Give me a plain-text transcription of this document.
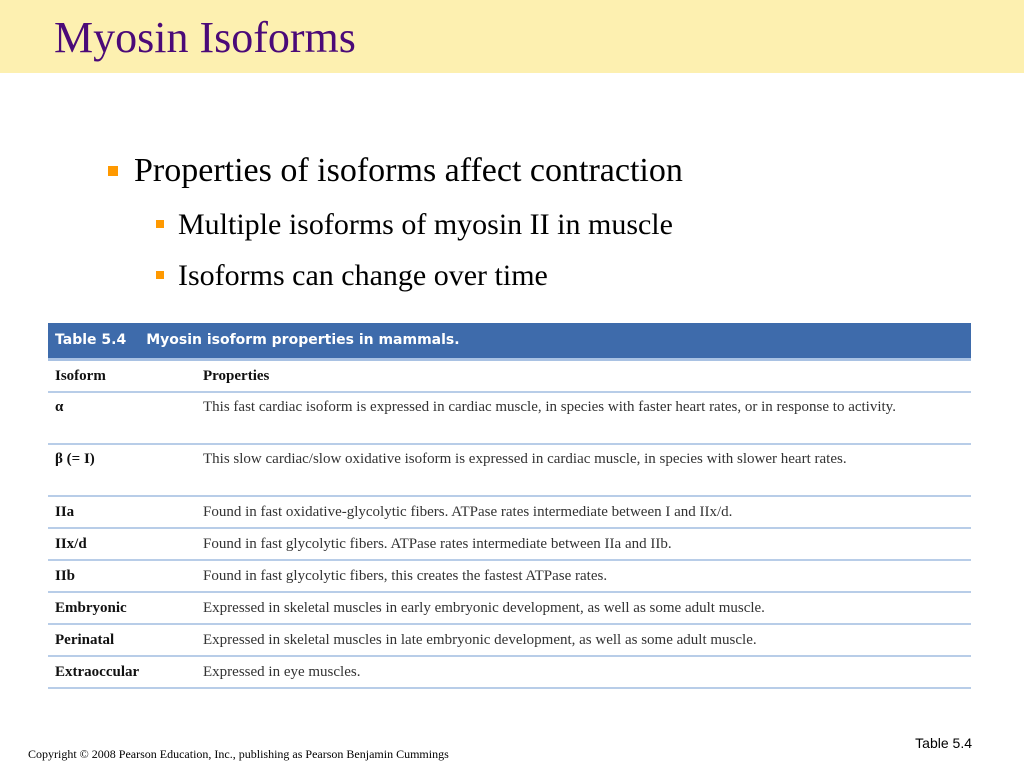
Myosin Isoforms
Properties of isoforms affect contraction
Multiple isoforms of myosin II in muscle
Isoforms can change over time
Table 5.4 Myosin isoform properties in mammals.
Isoform	Properties
α	This fast cardiac isoform is expressed in cardiac muscle, in species with faster heart rates, or in response to activity.
β (= I)	This slow cardiac/slow oxidative isoform is expressed in cardiac muscle, in species with slower heart rates.
IIa	Found in fast oxidative-glycolytic fibers. ATPase rates intermediate between I and IIx/d.
IIx/d	Found in fast glycolytic fibers. ATPase rates intermediate between IIa and IIb.
IIb	Found in fast glycolytic fibers, this creates the fastest ATPase rates.
Embryonic	Expressed in skeletal muscles in early embryonic development, as well as some adult muscle.
Perinatal	Expressed in skeletal muscles in late embryonic development, as well as some adult muscle.
Extraoccular	Expressed in eye muscles.
Table 5.4
Copyright © 2008 Pearson Education, Inc., publishing as Pearson Benjamin Cummings
